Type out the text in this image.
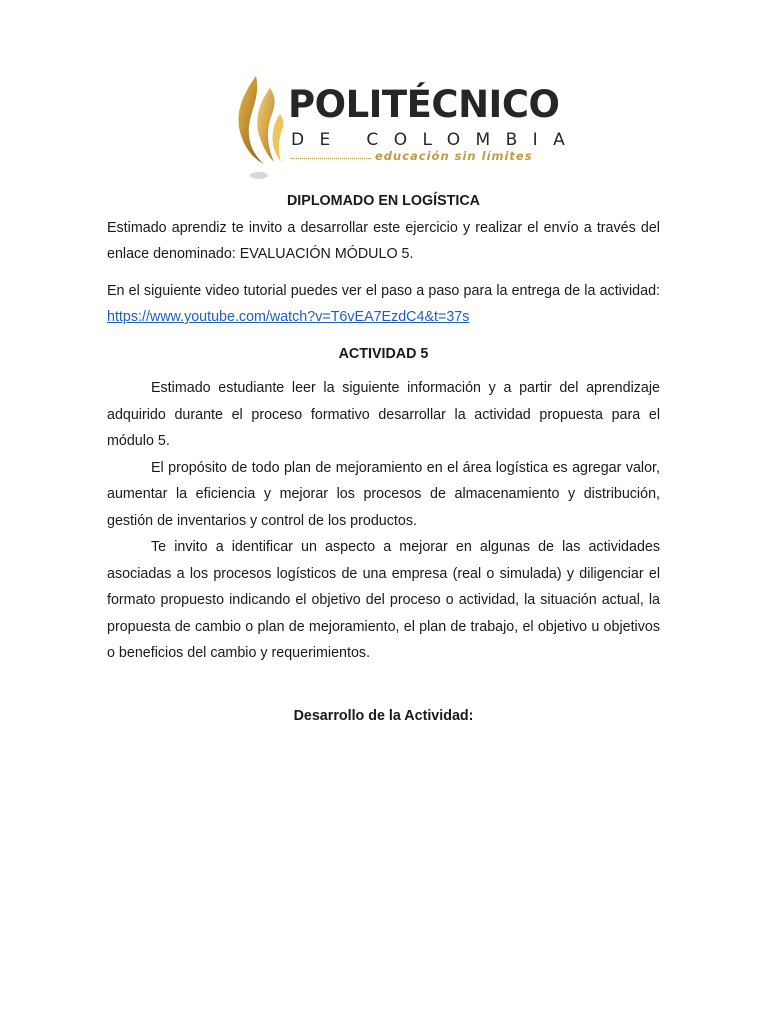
POLITÉCNICO
DE COLOMBIA
educación sin límites

DIPLOMADO EN LOGÍSTICA

Estimado aprendiz te invito a desarrollar este ejercicio y realizar el envío a través del enlace denominado: EVALUACIÓN MÓDULO 5.

En el siguiente video tutorial puedes ver el paso a paso para la entrega de la actividad: https://www.youtube.com/watch?v=T6vEA7EzdC4&t=37s

ACTIVIDAD 5

Estimado estudiante leer la siguiente información y a partir del aprendizaje adquirido durante el proceso formativo desarrollar la actividad propuesta para el módulo 5.

El propósito de todo plan de mejoramiento en el área logística es agregar valor, aumentar la eficiencia y mejorar los procesos de almacenamiento y distribución, gestión de inventarios y control de los productos.

Te invito a identificar un aspecto a mejorar en algunas de las actividades asociadas a los procesos logísticos de una empresa (real o simulada) y diligenciar el formato propuesto indicando el objetivo del proceso o actividad, la situación actual, la propuesta de cambio o plan de mejoramiento, el plan de trabajo, el objetivo u objetivos o beneficios del cambio y requerimientos.

Desarrollo de la Actividad:
